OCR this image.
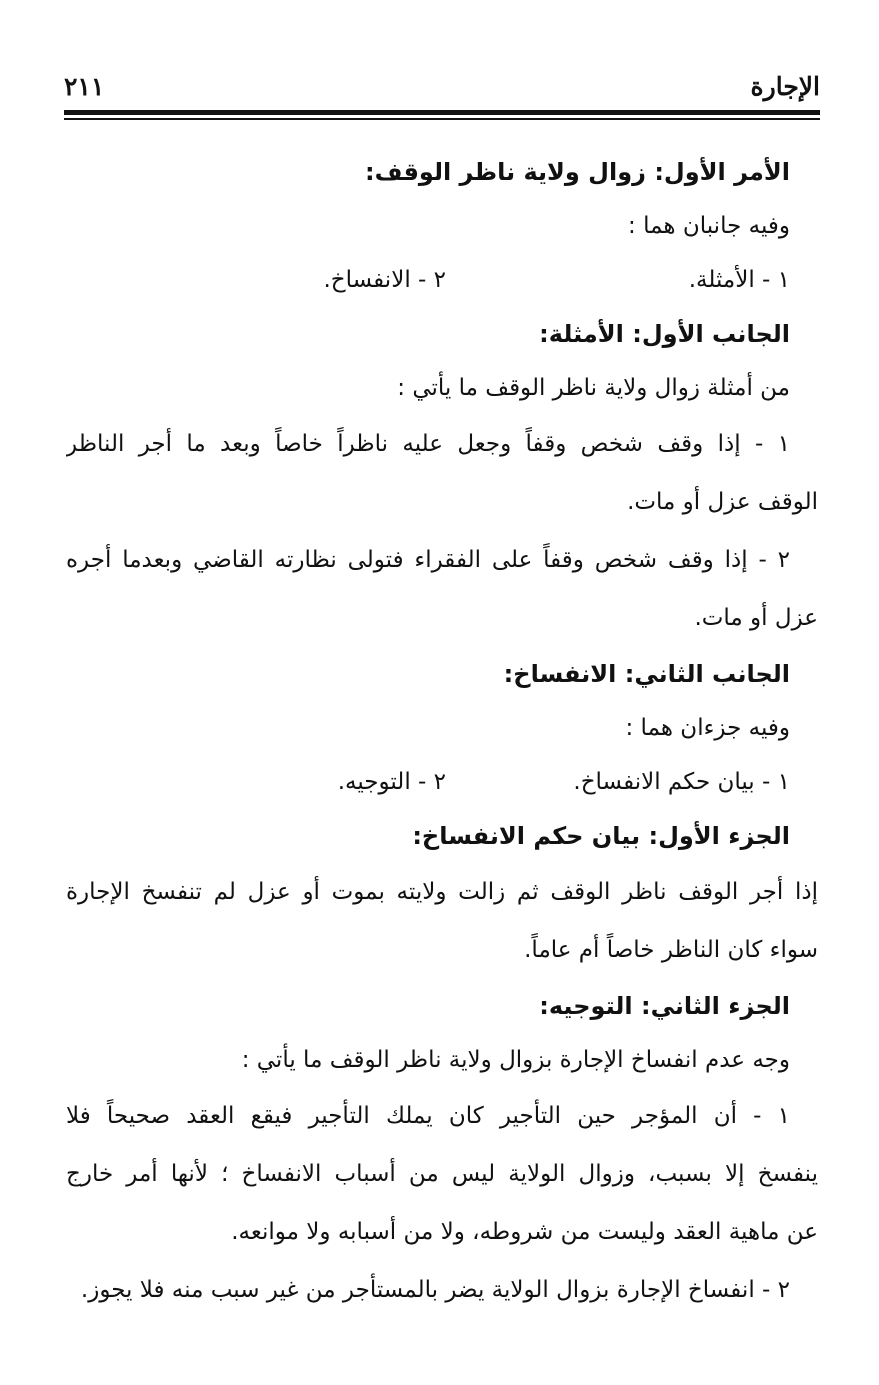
الإجارة
٢١١
الأمر الأول: زوال ولاية ناظر الوقف:
وفيه جانبان هما :
١ - الأمثلة.
٢ - الانفساخ.
الجانب الأول: الأمثلة:
من أمثلة زوال ولاية ناظر الوقف ما يأتي :
١ - إذا وقف شخص وقفاً وجعل عليه ناظراً خاصاً وبعد ما أجر الناظر
الوقف عزل أو مات.
٢ - إذا وقف شخص وقفاً على الفقراء فتولى نظارته القاضي وبعدما أجره
عزل أو مات.
الجانب الثاني: الانفساخ:
وفيه جزءان هما :
١ - بيان حكم الانفساخ.
٢ - التوجيه.
الجزء الأول: بيان حكم الانفساخ:
إذا أجر الوقف ناظر الوقف ثم زالت ولايته بموت أو عزل لم تنفسخ الإجارة
سواء كان الناظر خاصاً أم عاماً.
الجزء الثاني: التوجيه:
وجه عدم انفساخ الإجارة بزوال ولاية ناظر الوقف ما يأتي :
١ - أن المؤجر حين التأجير كان يملك التأجير فيقع العقد صحيحاً فلا
ينفسخ إلا بسبب، وزوال الولاية ليس من أسباب الانفساخ ؛ لأنها أمر خارج
عن ماهية العقد وليست من شروطه، ولا من أسبابه ولا موانعه.
٢ - انفساخ الإجارة بزوال الولاية يضر بالمستأجر من غير سبب منه فلا يجوز.
